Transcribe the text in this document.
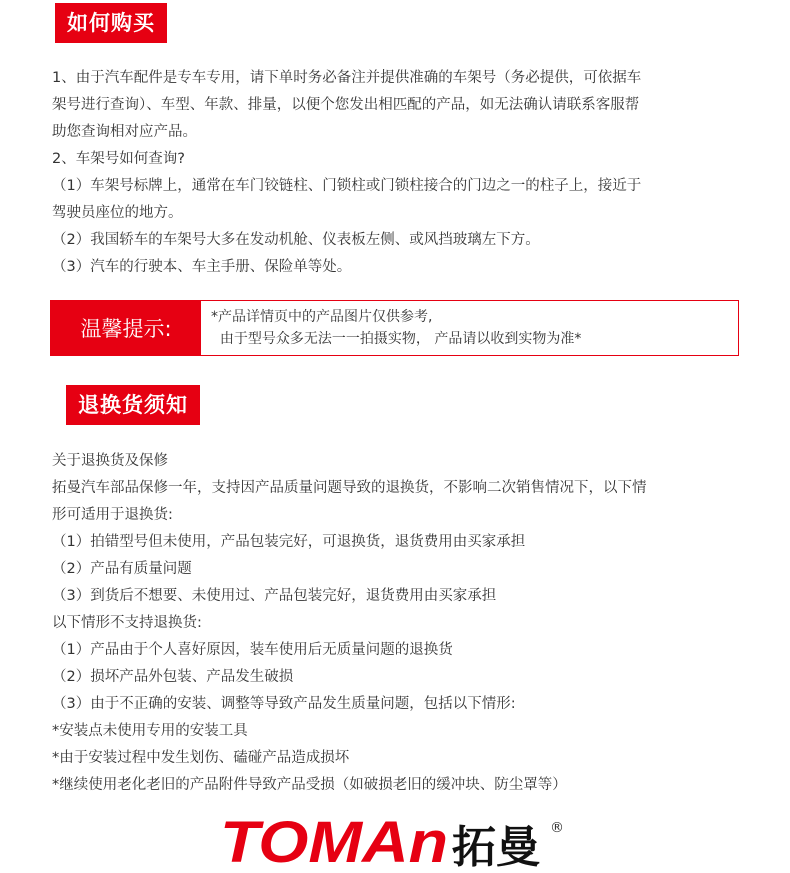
如何购买
1、由于汽车配件是专车专用，请下单时务必备注并提供准确的车架号（务必提供，可依据车
架号进行查询）、车型、年款、排量，以便个您发出相匹配的产品，如无法确认请联系客服帮
助您查询相对应产品。
2、车架号如何查询?
（1）车架号标牌上，通常在车门铰链柱、门锁柱或门锁柱接合的门边之一的柱子上，接近于
驾驶员座位的地方。
（2）我国轿车的车架号大多在发动机舱、仪表板左侧、或风挡玻璃左下方。
（3）汽车的行驶本、车主手册、保险单等处。
温馨提示:	*产品详情页中的产品图片仅供参考,
由于型号众多无法一一拍摄实物， 产品请以收到实物为准*
退换货须知
关于退换货及保修
拓曼汽车部品保修一年，支持因产品质量问题导致的退换货，不影响二次销售情况下，以下情
形可适用于退换货:
（1）拍错型号但未使用，产品包装完好，可退换货，退货费用由买家承担
（2）产品有质量问题
（3）到货后不想要、未使用过、产品包装完好，退货费用由买家承担
以下情形不支持退换货:
（1）产品由于个人喜好原因，装车使用后无质量问题的退换货
（2）损坏产品外包装、产品发生破损
（3）由于不正确的安装、调整等导致产品发生质量问题，包括以下情形:
*安装点未使用专用的安装工具
*由于安装过程中发生划伤、磕碰产品造成损坏
*继续使用老化老旧的产品附件导致产品受损（如破损老旧的缓冲块、防尘罩等）
TOMAn 拓曼 ®
